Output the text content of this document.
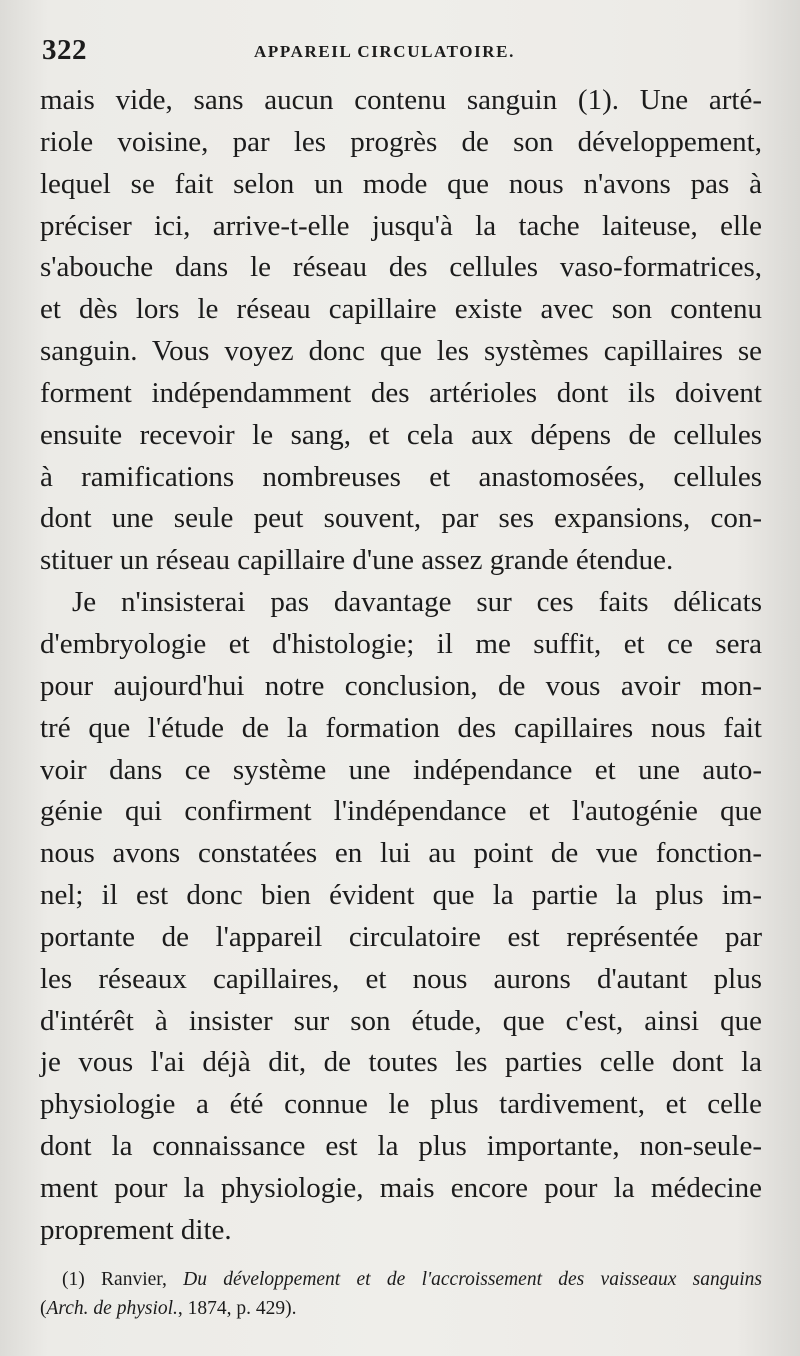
322	APPAREIL CIRCULATOIRE.
mais vide, sans aucun contenu sanguin (1). Une arté-
riole voisine, par les progrès de son développement,
lequel se fait selon un mode que nous n'avons pas à
préciser ici, arrive-t-elle jusqu'à la tache laiteuse, elle
s'abouche dans le réseau des cellules vaso-formatrices,
et dès lors le réseau capillaire existe avec son contenu
sanguin. Vous voyez donc que les systèmes capillaires se
forment indépendamment des artérioles dont ils doivent
ensuite recevoir le sang, et cela aux dépens de cellules
à ramifications nombreuses et anastomosées, cellules
dont une seule peut souvent, par ses expansions, con-
stituer un réseau capillaire d'une assez grande étendue.
Je n'insisterai pas davantage sur ces faits délicats
d'embryologie et d'histologie; il me suffit, et ce sera
pour aujourd'hui notre conclusion, de vous avoir mon-
tré que l'étude de la formation des capillaires nous fait
voir dans ce système une indépendance et une auto-
génie qui confirment l'indépendance et l'autogénie que
nous avons constatées en lui au point de vue fonction-
nel; il est donc bien évident que la partie la plus im-
portante de l'appareil circulatoire est représentée par
les réseaux capillaires, et nous aurons d'autant plus
d'intérêt à insister sur son étude, que c'est, ainsi que
je vous l'ai déjà dit, de toutes les parties celle dont la
physiologie a été connue le plus tardivement, et celle
dont la connaissance est la plus importante, non-seule-
ment pour la physiologie, mais encore pour la médecine
proprement dite.
(1) Ranvier, Du développement et de l'accroissement des vaisseaux sanguins
(Arch. de physiol., 1874, p. 429).
